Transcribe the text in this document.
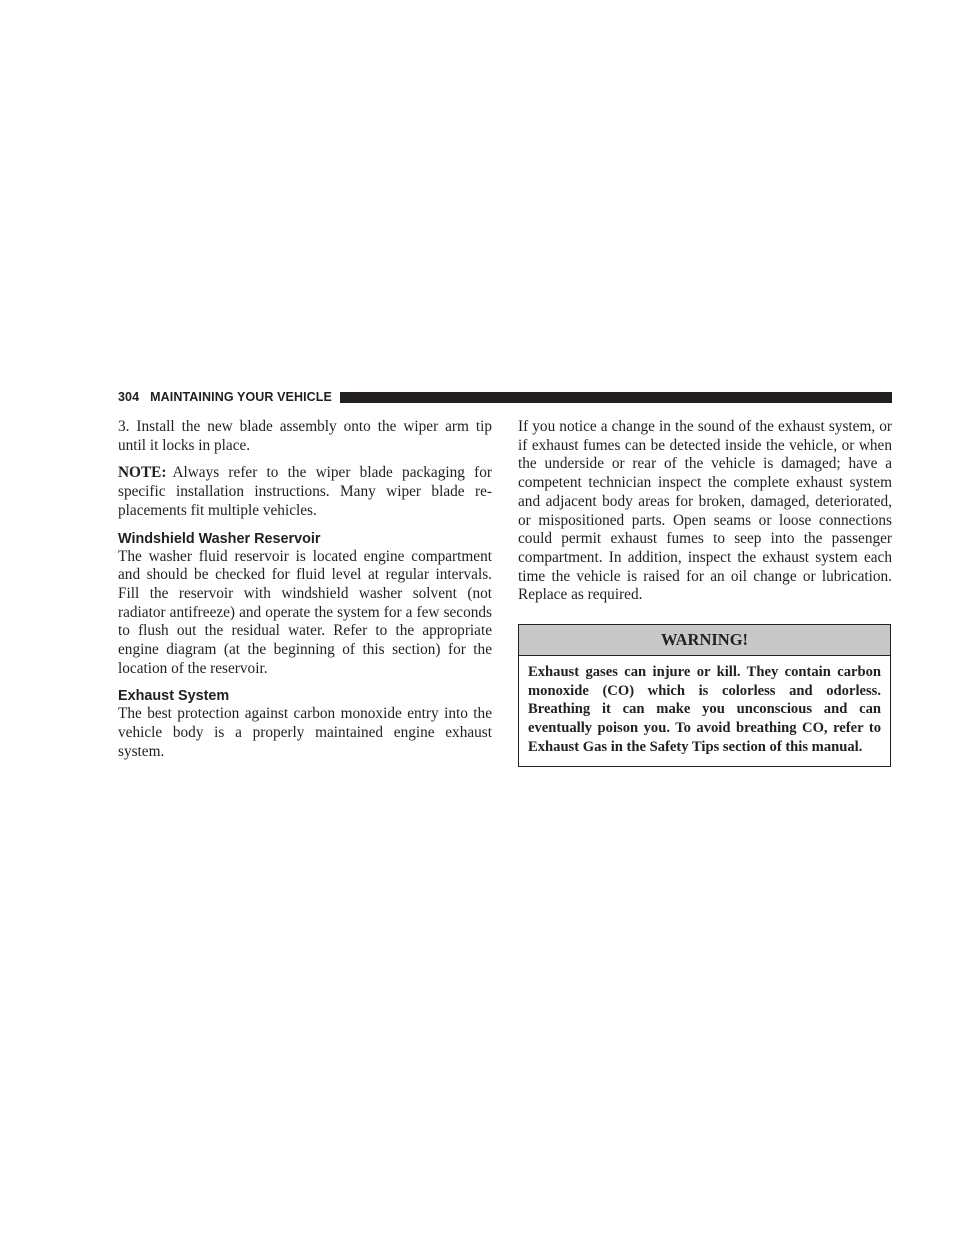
304 MAINTAINING YOUR VEHICLE

3. Install the new blade assembly onto the wiper arm tip until it locks in place.

NOTE: Always refer to the wiper blade packaging for specific installation instructions. Many wiper blade replacements fit multiple vehicles.

Windshield Washer Reservoir

The washer fluid reservoir is located engine compartment and should be checked for fluid level at regular intervals. Fill the reservoir with windshield washer solvent (not radiator antifreeze) and operate the system for a few seconds to flush out the residual water. Refer to the appropriate engine diagram (at the beginning of this section) for the location of the reservoir.

Exhaust System

The best protection against carbon monoxide entry into the vehicle body is a properly maintained engine exhaust system.

If you notice a change in the sound of the exhaust system, or if exhaust fumes can be detected inside the vehicle, or when the underside or rear of the vehicle is damaged; have a competent technician inspect the complete exhaust system and adjacent body areas for broken, damaged, deteriorated, or mispositioned parts. Open seams or loose connections could permit exhaust fumes to seep into the passenger compartment. In addition, inspect the exhaust system each time the vehicle is raised for an oil change or lubrication. Replace as required.

WARNING!
Exhaust gases can injure or kill. They contain carbon monoxide (CO) which is colorless and odorless. Breathing it can make you unconscious and can eventually poison you. To avoid breathing CO, refer to Exhaust Gas in the Safety Tips section of this manual.
